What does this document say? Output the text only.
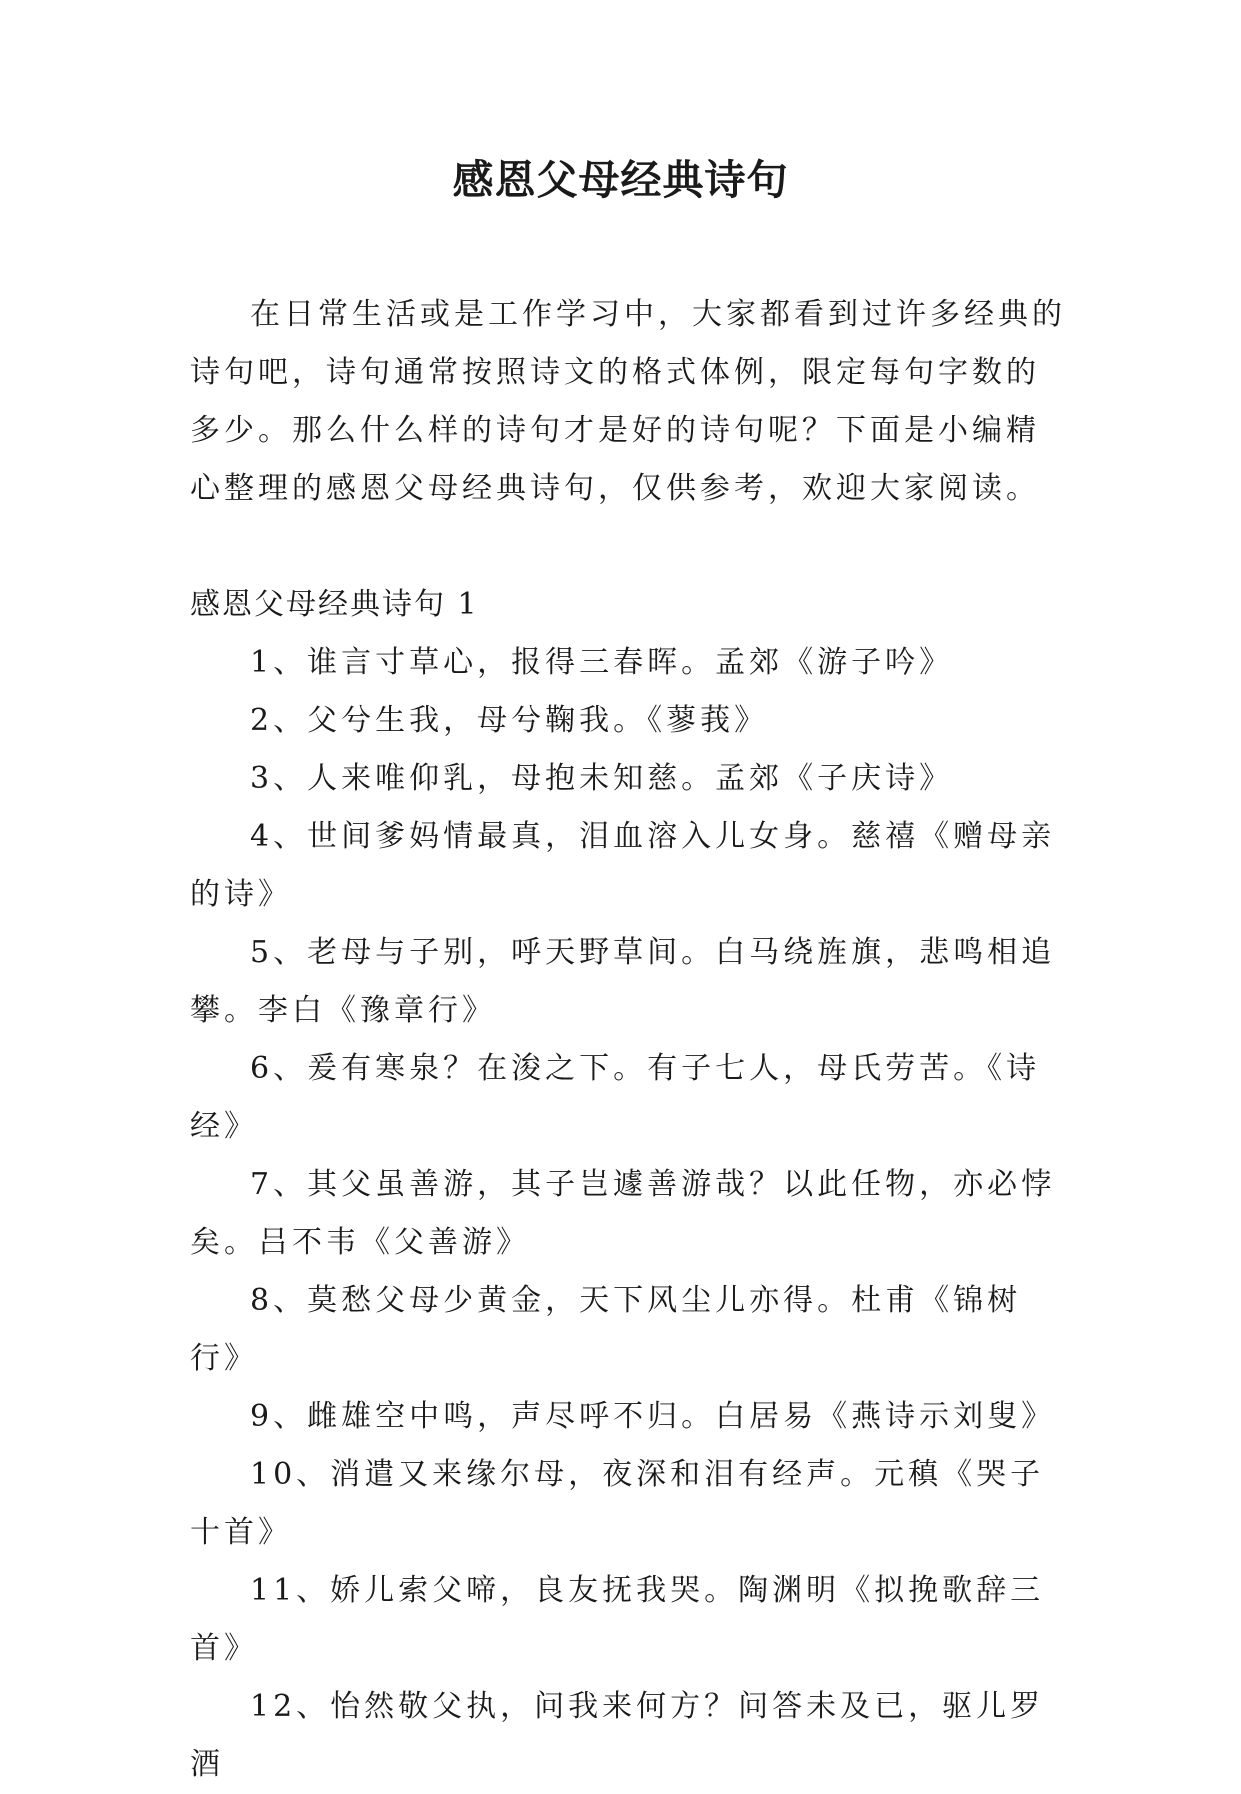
感恩父母经典诗句

在日常生活或是工作学习中，大家都看到过许多经典的诗句吧，诗句通常按照诗文的格式体例，限定每句字数的多少。那么什么样的诗句才是好的诗句呢？下面是小编精心整理的感恩父母经典诗句，仅供参考，欢迎大家阅读。

感恩父母经典诗句 1

1、谁言寸草心，报得三春晖。孟郊《游子吟》

2、父兮生我，母兮鞠我。《蓼莪》

3、人来唯仰乳，母抱未知慈。孟郊《子庆诗》

4、世间爹妈情最真，泪血溶入儿女身。慈禧《赠母亲的诗》

5、老母与子别，呼天野草间。白马绕旌旗，悲鸣相追攀。李白《豫章行》

6、爰有寒泉？在浚之下。有子七人，母氏劳苦。《诗经》

7、其父虽善游，其子岂遽善游哉？以此任物，亦必悖矣。吕不韦《父善游》

8、莫愁父母少黄金，天下风尘儿亦得。杜甫《锦树行》

9、雌雄空中鸣，声尽呼不归。白居易《燕诗示刘叟》

10、消遣又来缘尔母，夜深和泪有经声。元稹《哭子十首》

11、娇儿索父啼，良友抚我哭。陶渊明《拟挽歌辞三首》

12、怡然敬父执，问我来何方？问答未及已，驱儿罗酒
